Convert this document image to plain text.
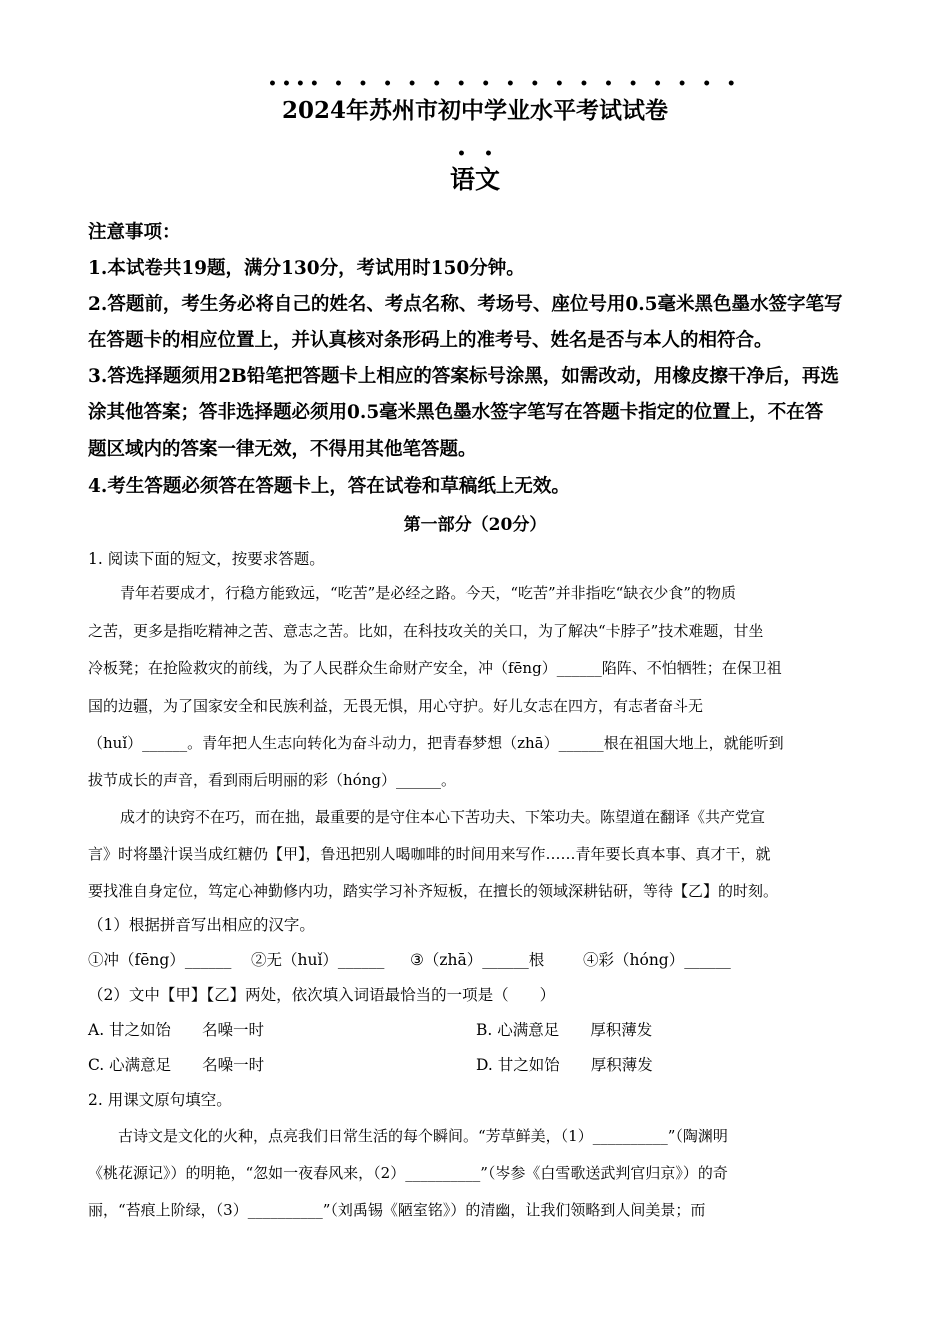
•••• •••••••••••••••••
••
2024年苏州市初中学业水平考试试卷
语文
注意事项：
1.本试卷共19题，满分130分，考试用时150分钟。
2.答题前，考生务必将自己的姓名、考点名称、考场号、座位号用0.5毫米黑色墨水签字笔写
在答题卡的相应位置上，并认真核对条形码上的准考号、姓名是否与本人的相符合。
3.答选择题须用2B铅笔把答题卡上相应的答案标号涂黑，如需改动，用橡皮擦干净后，再选
涂其他答案；答非选择题必须用0.5毫米黑色墨水签字笔写在答题卡指定的位置上，不在答
题区域内的答案一律无效，不得用其他笔答题。
4.考生答题必须答在答题卡上，答在试卷和草稿纸上无效。
第一部分（20分）
1. 阅读下面的短文，按要求答题。
青年若要成才，行稳方能致远，“吃苦”是必经之路。今天，“吃苦”并非指吃“缺衣少食”的物质
之苦，更多是指吃精神之苦、意志之苦。比如，在科技攻关的关口，为了解决“卡脖子”技术难题，甘坐
冷板凳；在抢险救灾的前线，为了人民群众生命财产安全，冲（fēng）______陷阵、不怕牺牲；在保卫祖
国的边疆，为了国家安全和民族利益，无畏无惧，用心守护。好儿女志在四方，有志者奋斗无
（huǐ）______。青年把人生志向转化为奋斗动力，把青春梦想（zhā）______根在祖国大地上，就能听到
拔节成长的声音，看到雨后明丽的彩（hóng）______。
成才的诀窍不在巧，而在拙，最重要的是守住本心下苦功夫、下笨功夫。陈望道在翻译《共产党宣
言》时将墨汁误当成红糖仍【甲】，鲁迅把别人喝咖啡的时间用来写作……青年要长真本事、真才干，就
要找准自身定位，笃定心神勤修内功，踏实学习补齐短板，在擅长的领域深耕钻研，等待【乙】的时刻。
（1）根据拼音写出相应的汉字。
①冲（fēng）______ ②无（huǐ）______ ③（zhā）______根 ④彩（hóng）______
（2）文中【甲】【乙】两处，依次填入词语最恰当的一项是（　　）
A. 甘之如饴　　名噪一时	B. 心满意足　　厚积薄发
C. 心满意足　　名噪一时	D. 甘之如饴　　厚积薄发
2. 用课文原句填空。
古诗文是文化的火种，点亮我们日常生活的每个瞬间。“芳草鲜美，（1）__________”（陶渊明
《桃花源记》）的明艳，“忽如一夜春风来，（2）__________”（岑参《白雪歌送武判官归京》）的奇
丽，“苔痕上阶绿，（3）__________”（刘禹锡《陋室铭》）的清幽，让我们领略到人间美景；而
